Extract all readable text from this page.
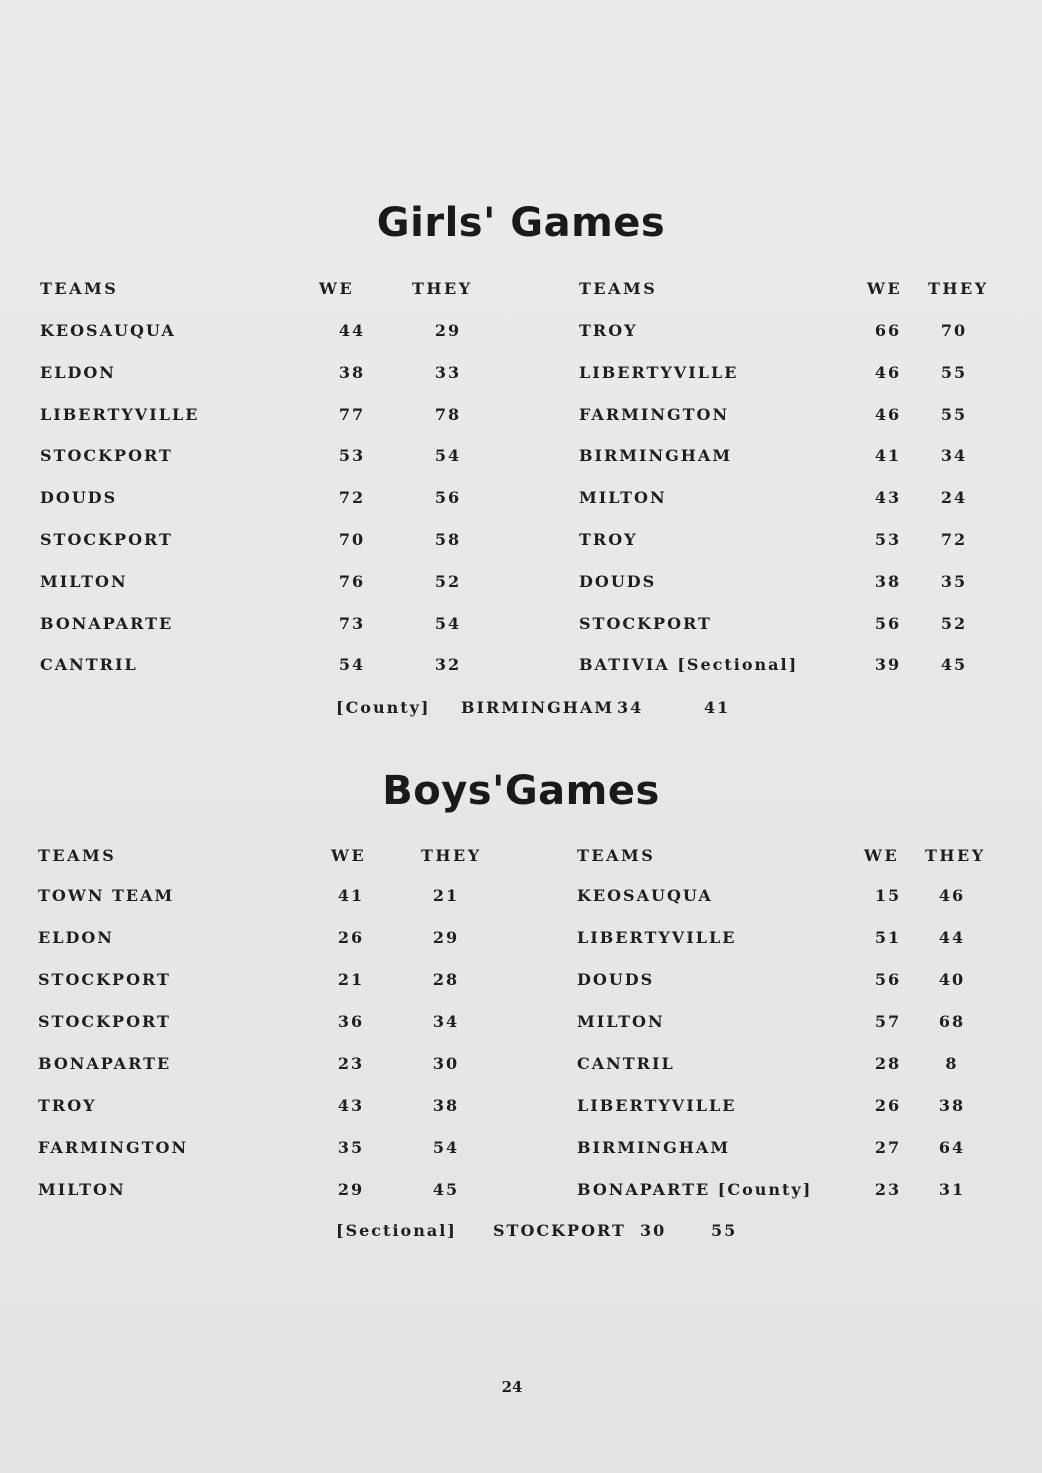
Girls' Games
TEAMS	WE	THEY	TEAMS	WE THEY
KEOSAUQUA	44	29
ELDON	38	33
LIBERTYVILLE	77	78
STOCKPORT	53	54
DOUDS	72	56
STOCKPORT	70	58
MILTON	76	52
BONAPARTE	73	54
CANTRIL	54	32
TROY	66	70
LIBERTYVILLE	46	55
FARMINGTON	46	55
BIRMINGHAM	41	34
MILTON	43	24
TROY	53	72
DOUDS	38	35
STOCKPORT	56	52
BATIVIA [Sectional]	39	45
[County] BIRMINGHAM 34	41
Boys'Games
TEAMS	WE	THEY	TEAMS	WE THEY
TOWN TEAM	41	21
ELDON	26	29
STOCKPORT	21	28
STOCKPORT	36	34
BONAPARTE	23	30
TROY	43	38
FARMINGTON	35	54
MILTON	29	45
KEOSAUQUA	15	46
LIBERTYVILLE	51	44
DOUDS	56	40
MILTON	57	68
CANTRIL	28	8
LIBERTYVILLE	26	38
BIRMINGHAM	27	64
BONAPARTE [County]	23	31
[Sectional] STOCKPORT 30	55
24
